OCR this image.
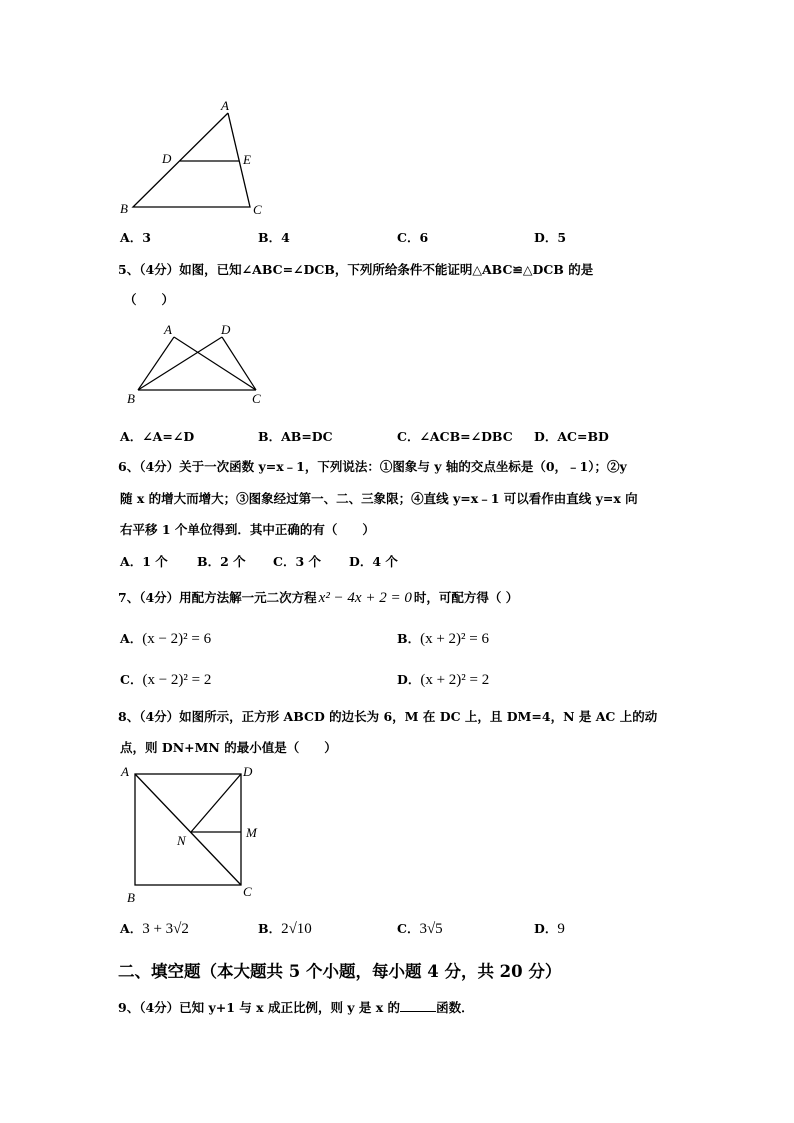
A
D	E
B	C
A．3	B．4	C．6	D．5
5、（4分）如图，已知∠ABC=∠DCB，下列所给条件不能证明△ABC≌△DCB 的是
（　　）
A	D
B	C
A．∠A=∠D	B．AB=DC	C．∠ACB=∠DBC D．AC=BD
6、（4分）关于一次函数 y=x﹣1，下列说法：①图象与 y 轴的交点坐标是（0，﹣1）；②y
随 x 的增大而增大；③图象经过第一、二、三象限；④直线 y=x﹣1 可以看作由直线 y=x 向
右平移 1 个单位得到．其中正确的有（　　）
A．1 个 B．2 个 C．3 个 D．4 个
7、（4分）用配方法解一元二次方程 x² − 4x + 2 = 0 时，可配方得（ ）
A．(x − 2)² = 6	B．(x + 2)² = 6
C．(x − 2)² = 2	D．(x + 2)² = 2
8、（4分）如图所示，正方形 ABCD 的边长为 6，M 在 DC 上，且 DM=4，N 是 AC 上的动
点，则 DN+MN 的最小值是（　　）
A	D
M
N
B	C
A．3 + 3√2	B．2√10	C．3√5	D．9
二、填空题（本大题共 5 个小题，每小题 4 分，共 20 分）
9、（4分）已知 y+1 与 x 成正比例，则 y 是 x 的	函数．
